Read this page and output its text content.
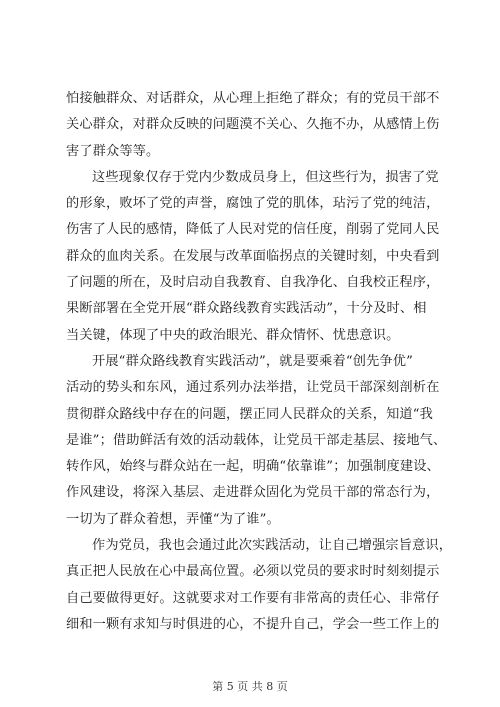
怕接触群众、对话群众，从心理上拒绝了群众；有的党员干部不
关心群众，对群众反映的问题漠不关心、久拖不办，从感情上伤
害了群众等等。

这些现象仅存于党内少数成员身上，但这些行为，损害了党
的形象，败坏了党的声誉，腐蚀了党的肌体，玷污了党的纯洁，
伤害了人民的感情，降低了人民对党的信任度，削弱了党同人民
群众的血肉关系。在发展与改革面临拐点的关键时刻，中央看到
了问题的所在，及时启动自我教育、自我净化、自我校正程序，
果断部署在全党开展“群众路线教育实践活动”，十分及时、相
当关键，体现了中央的政治眼光、群众情怀、忧患意识。

开展“群众路线教育实践活动”，就是要乘着“创先争优”
活动的势头和东风，通过系列办法举措，让党员干部深刻剖析在
贯彻群众路线中存在的问题，摆正同人民群众的关系，知道“我
是谁”；借助鲜活有效的活动载体，让党员干部走基层、接地气、
转作风，始终与群众站在一起，明确“依靠谁”；加强制度建设、
作风建设，将深入基层、走进群众固化为党员干部的常态行为，
一切为了群众着想，弄懂“为了谁”。

作为党员，我也会通过此次实践活动，让自己增强宗旨意识，
真正把人民放在心中最高位置。必须以党员的要求时时刻刻提示
自己要做得更好。这就要求对工作要有非常高的责任心、非常仔
细和一颗有求知与时俱进的心，不提升自己，学会一些工作上的

第 5 页 共 8 页
